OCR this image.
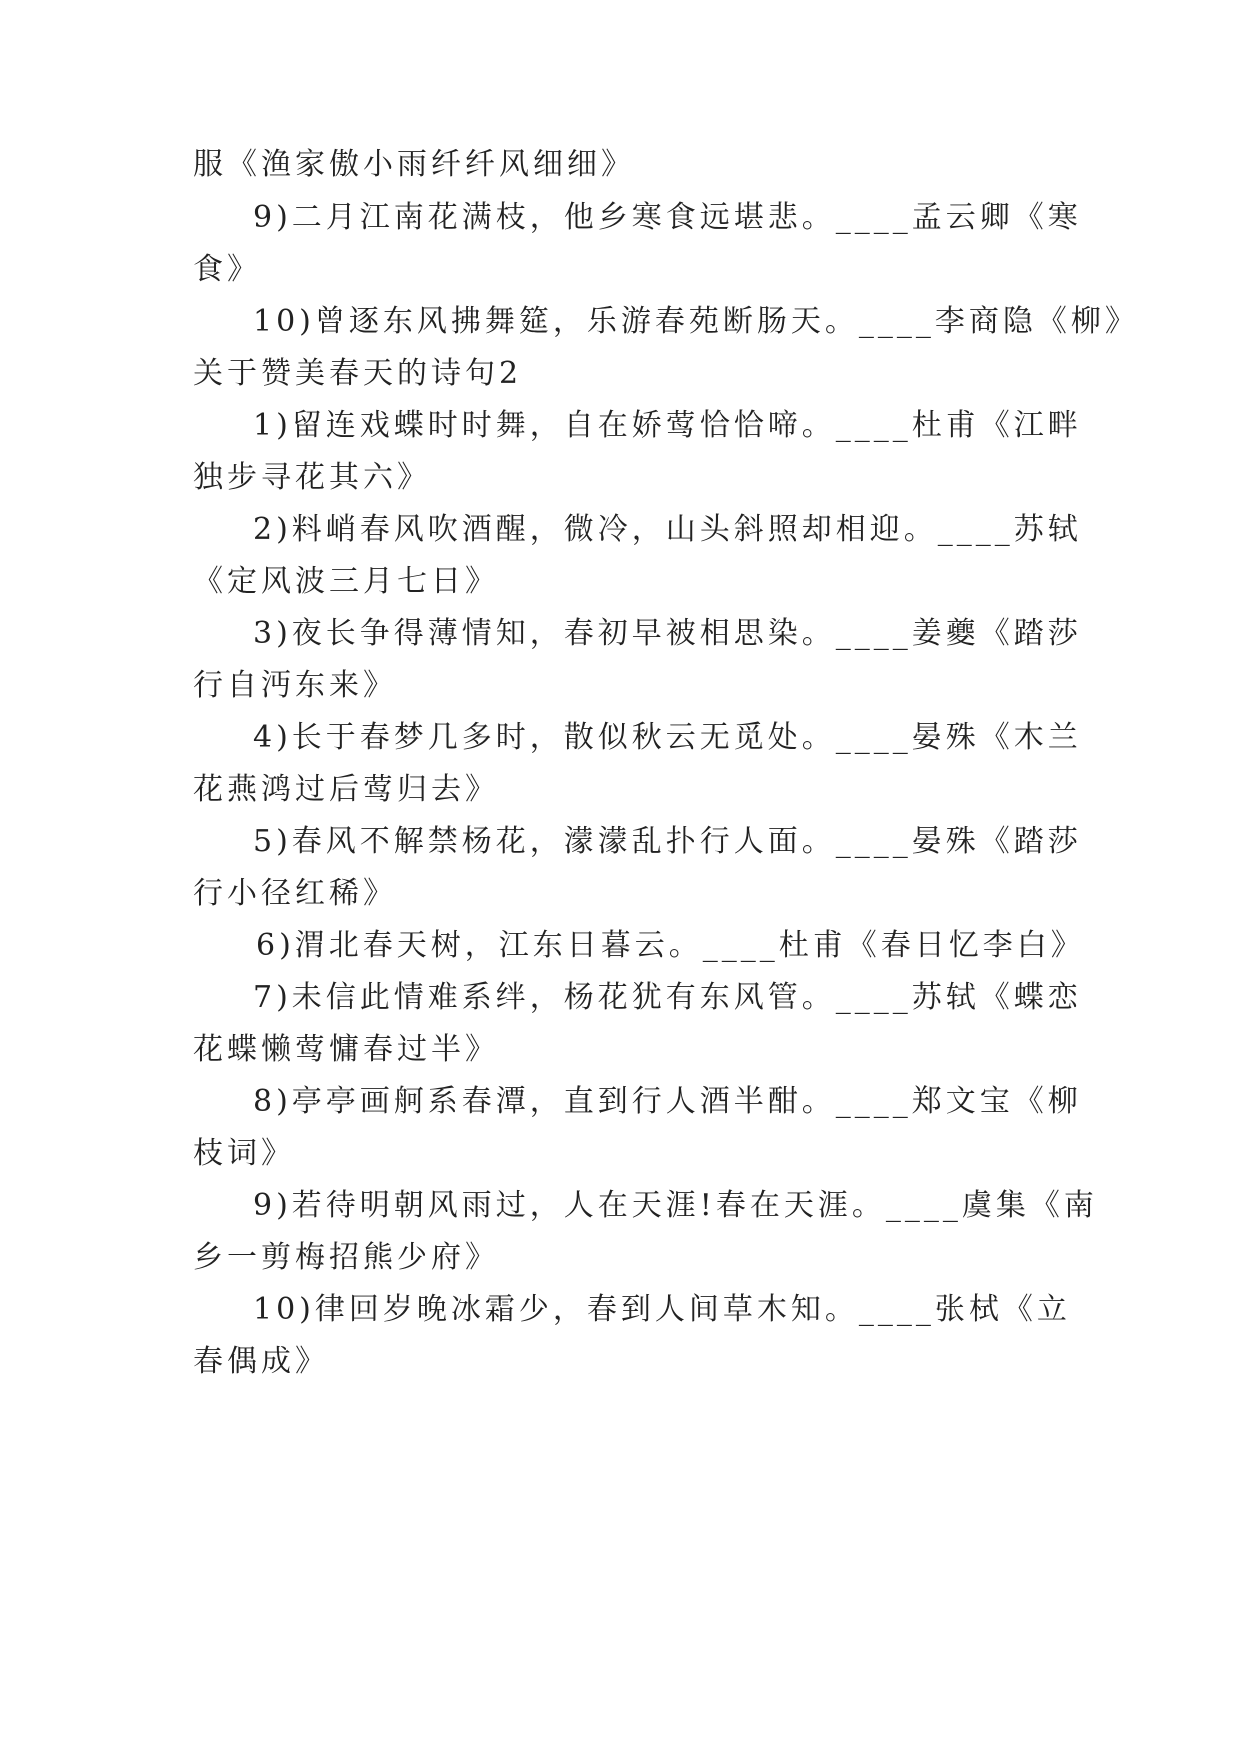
服《渔家傲小雨纤纤风细细》
9)二月江南花满枝，他乡寒食远堪悲。____孟云卿《寒
食》
10)曾逐东风拂舞筵，乐游春苑断肠天。____李商隐《柳》
关于赞美春天的诗句2
1)留连戏蝶时时舞，自在娇莺恰恰啼。____杜甫《江畔
独步寻花其六》
2)料峭春风吹酒醒，微冷，山头斜照却相迎。____苏轼
《定风波三月七日》
3)夜长争得薄情知，春初早被相思染。____姜夔《踏莎
行自沔东来》
4)长于春梦几多时，散似秋云无觅处。____晏殊《木兰
花燕鸿过后莺归去》
5)春风不解禁杨花，濛濛乱扑行人面。____晏殊《踏莎
行小径红稀》
6)渭北春天树，江东日暮云。____杜甫《春日忆李白》
7)未信此情难系绊，杨花犹有东风管。____苏轼《蝶恋
花蝶懒莺慵春过半》
8)亭亭画舸系春潭，直到行人酒半酣。____郑文宝《柳
枝词》
9)若待明朝风雨过，人在天涯!春在天涯。____虞集《南
乡一剪梅招熊少府》
10)律回岁晚冰霜少，春到人间草木知。____张栻《立
春偶成》
